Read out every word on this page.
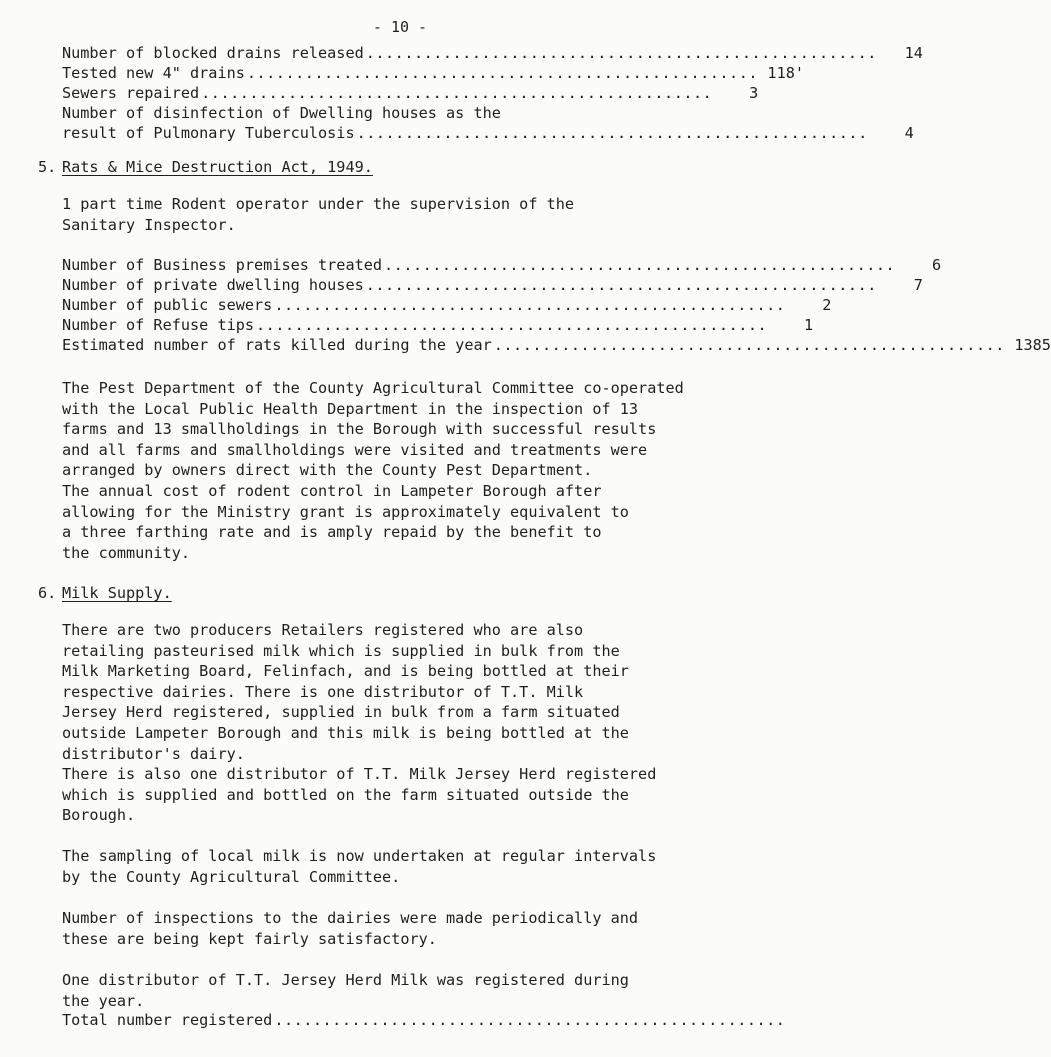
- 10 -
Number of blocked drains released .....................................................	14
Tested new 4" drains ..................................................... 118'
Sewers repaired .....................................................	3
Number of disinfection of Dwelling houses as the
result of Pulmonary Tuberculosis .....................................................	4
5. Rats & Mice Destruction Act, 1949.
1 part time Rodent operator under the supervision of the
Sanitary Inspector.
Number of Business premises treated .....................................................	6
Number of private dwelling houses .....................................................	7
Number of public sewers .....................................................	2
Number of Refuse tips .....................................................	1
Estimated number of rats killed during the year ..................................................... 1385
The Pest Department of the County Agricultural Committee co-operated
with the Local Public Health Department in the inspection of 13
farms and 13 smallholdings in the Borough with successful results
and all farms and smallholdings were visited and treatments were
arranged by owners direct with the County Pest Department.
The annual cost of rodent control in Lampeter Borough after
allowing for the Ministry grant is approximately equivalent to
a three farthing rate and is amply repaid by the benefit to
the community.
6. Milk Supply.
There are two producers Retailers registered who are also
retailing pasteurised milk which is supplied in bulk from the
Milk Marketing Board, Felinfach, and is being bottled at their
respective dairies. There is one distributor of T.T. Milk
Jersey Herd registered, supplied in bulk from a farm situated
outside Lampeter Borough and this milk is being bottled at the
distributor's dairy.
There is also one distributor of T.T. Milk Jersey Herd registered
which is supplied and bottled on the farm situated outside the
Borough.
The sampling of local milk is now undertaken at regular intervals
by the County Agricultural Committee.
Number of inspections to the dairies were made periodically and
these are being kept fairly satisfactory.
One distributor of T.T. Jersey Herd Milk was registered during
the year.
Total number registered .....................................................
